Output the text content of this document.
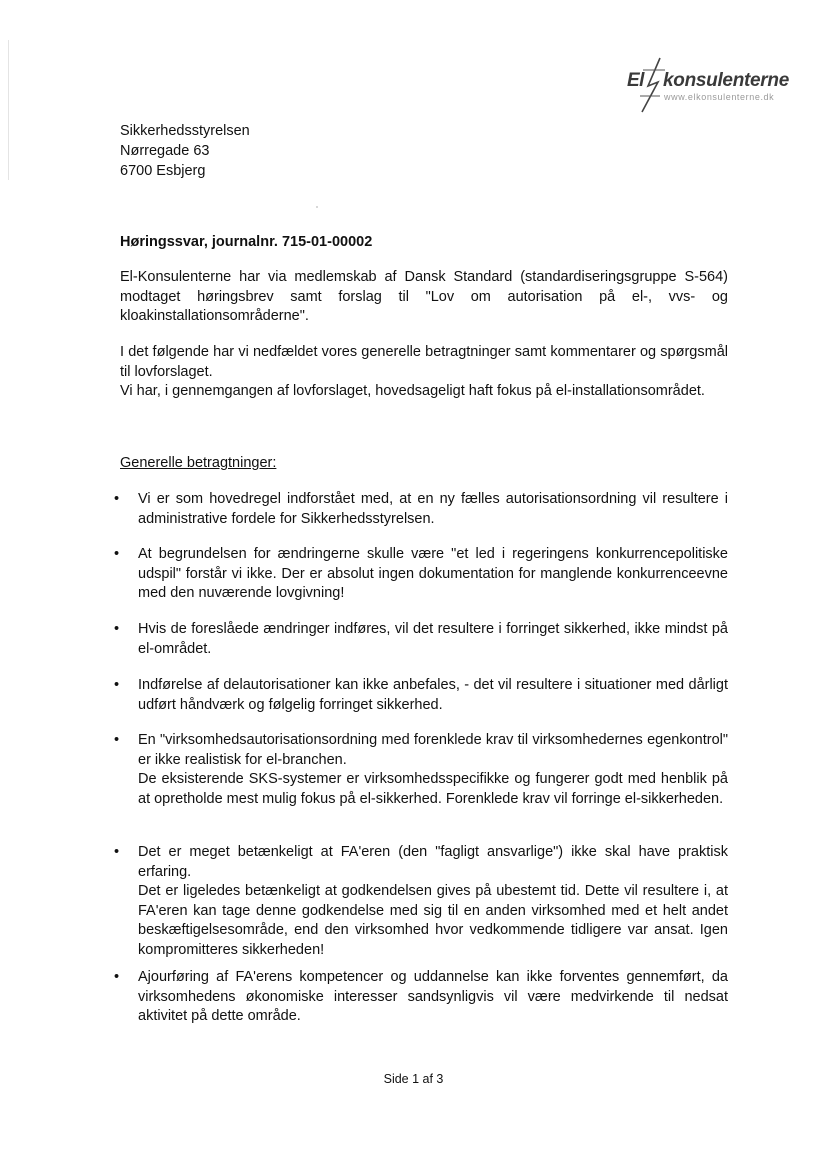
El konsulenterne
www.elkonsulenterne.dk
Sikkerhedsstyrelsen
Nørregade 63
6700 Esbjerg
Høringssvar, journalnr. 715-01-00002
El-Konsulenterne har via medlemskab af Dansk Standard (standardiseringsgruppe S-564) modtaget høringsbrev samt forslag til "Lov om autorisation på el-, vvs- og kloakinstallationsområderne".
I det følgende har vi nedfældet vores generelle betragtninger samt kommentarer og spørgsmål til lovforslaget.
Vi har, i gennemgangen af lovforslaget, hovedsageligt haft fokus på el-installationsområdet.
Generelle betragtninger:
• Vi er som hovedregel indforstået med, at en ny fælles autorisationsordning vil resultere i administrative fordele for Sikkerhedsstyrelsen.
• At begrundelsen for ændringerne skulle være "et led i regeringens konkurrencepolitiske udspil" forstår vi ikke. Der er absolut ingen dokumentation for manglende konkurrenceevne med den nuværende lovgivning!
• Hvis de foreslåede ændringer indføres, vil det resultere i forringet sikkerhed, ikke mindst på el-området.
• Indførelse af delautorisationer kan ikke anbefales, - det vil resultere i situationer med dårligt udført håndværk og følgelig forringet sikkerhed.
• En "virksomhedsautorisationsordning med forenklede krav til virksomhedernes egenkontrol" er ikke realistisk for el-branchen.
De eksisterende SKS-systemer er virksomhedsspecifikke og fungerer godt med henblik på at opretholde mest mulig fokus på el-sikkerhed. Forenklede krav vil forringe el-sikkerheden.
• Det er meget betænkeligt at FA'eren (den "fagligt ansvarlige") ikke skal have praktisk erfaring.
Det er ligeledes betænkeligt at godkendelsen gives på ubestemt tid. Dette vil resultere i, at FA'eren kan tage denne godkendelse med sig til en anden virksomhed med et helt andet beskæftigelsesområde, end den virksomhed hvor vedkommende tidligere var ansat. Igen kompromitteres sikkerheden!
• Ajourføring af FA'erens kompetencer og uddannelse kan ikke forventes gennemført, da virksomhedens økonomiske interesser sandsynligvis vil være medvirkende til nedsat aktivitet på dette område.
Side 1 af 3
